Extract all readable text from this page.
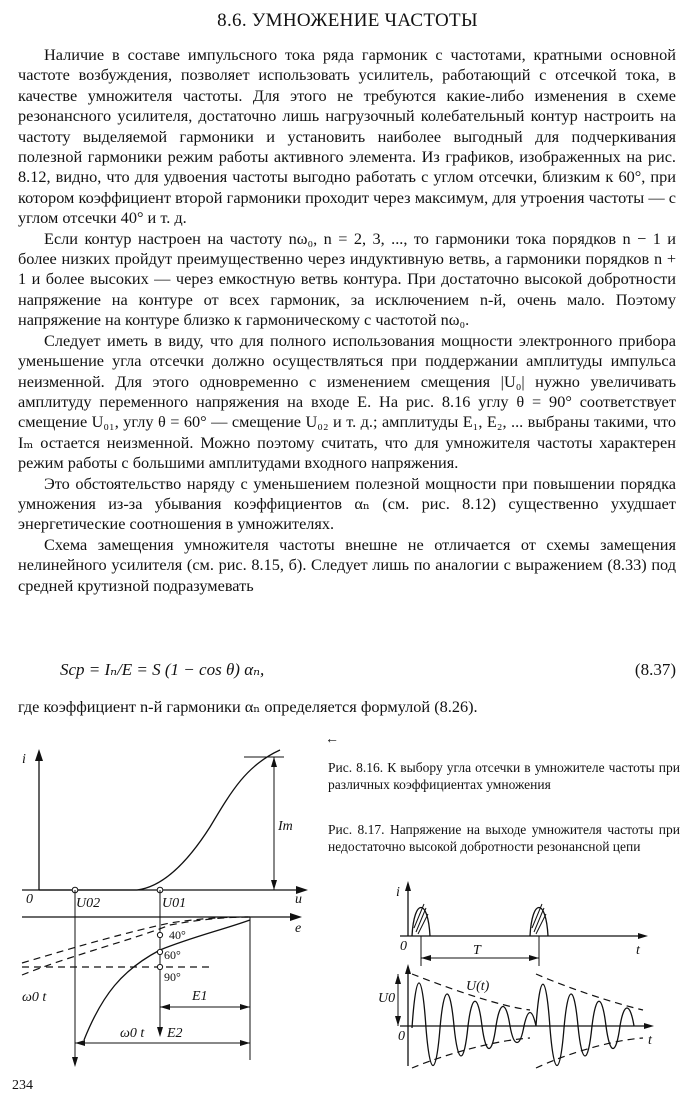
8.6. УМНОЖЕНИЕ ЧАСТОТЫ

Наличие в составе импульсного тока ряда гармоник с частотами, кратными основной частоте возбуждения, позволяет использовать усилитель, работающий с отсечкой тока, в качестве умножителя частоты. Для этого не требуются какие-либо изменения в схеме резонансного усилителя, достаточно лишь нагрузочный колебательный контур настроить на частоту выделяемой гармоники и установить наиболее выгодный для подчеркивания полезной гармоники режим работы активного элемента. Из графиков, изображенных на рис. 8.12, видно, что для удвоения частоты выгодно работать с углом отсечки, близким к 60°, при котором коэффициент второй гармоники проходит через максимум, для утроения частоты — с углом отсечки 40° и т. д.

Если контур настроен на частоту nω₀, n = 2, 3, ..., то гармоники тока порядков n − 1 и более низких пройдут преимущественно через индуктивную ветвь, а гармоники порядков n + 1 и более высоких — через емкостную ветвь контура. При достаточно высокой добротности напряжение на контуре от всех гармоник, за исключением n-й, очень мало. Поэтому напряжение на контуре близко к гармоническому с частотой nω₀.

Следует иметь в виду, что для полного использования мощности электронного прибора уменьшение угла отсечки должно осуществляться при поддержании амплитуды импульса неизменной. Для этого одновременно с изменением смещения |U₀| нужно увеличивать амплитуду переменного напряжения на входе E. На рис. 8.16 углу θ = 90° соответствует смещение U₀₁, углу θ = 60° — смещение U₀₂ и т. д.; амплитуды E₁, E₂, ... выбраны такими, что Iₘ остается неизменной. Можно поэтому считать, что для умножителя частоты характерен режим работы с большими амплитудами входного напряжения.

Это обстоятельство наряду с уменьшением полезной мощности при повышении порядка умножения из-за убывания коэффициентов αₙ (см. рис. 8.12) существенно ухудшает энергетические соотношения в умножителях.

Схема замещения умножителя частоты внешне не отличается от схемы замещения нелинейного усилителя (см. рис. 8.15, б). Следует лишь по аналогии с выражением (8.33) под средней крутизной подразумевать

Sср = Iₙ/E = S (1 − cos θ) αₙ,	(8.37)
где коэффициент n-й гармоники αₙ определяется формулой (8.26).
i
u
e
0	U02	U01
Im
40°
60°
90°
E1
E2
ω0 t
ω0 t
←
Рис. 8.16. К выбору угла отсечки в умножителе частоты при различных коэффициентах умножения
Рис. 8.17. Напряжение на выходе умножителя частоты при недостаточно высокой добротности резонансной цепи
i
t
t
0
0
T
U(t)
U0
234
